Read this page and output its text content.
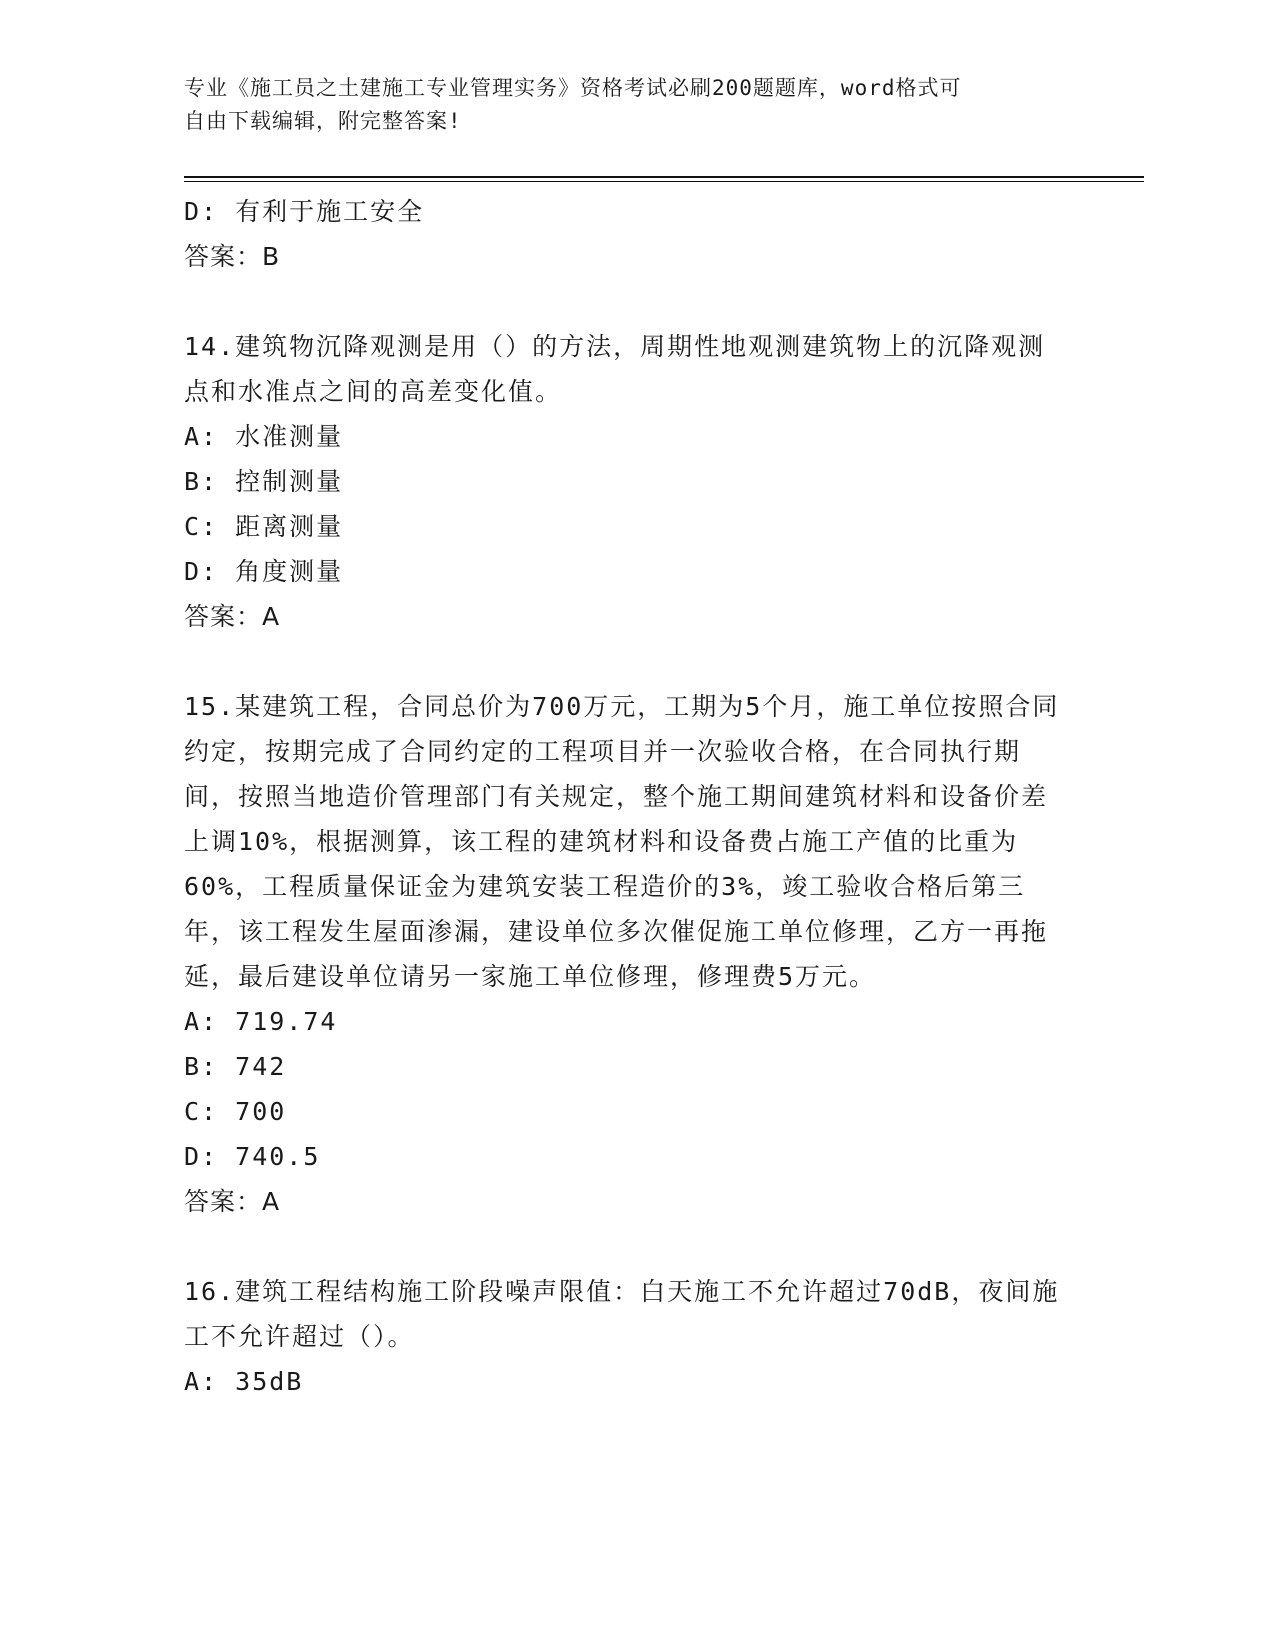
专业《施工员之土建施工专业管理实务》资格考试必刷200题题库，word格式可
自由下载编辑，附完整答案!
D: 有利于施工安全
答案：B
14.建筑物沉降观测是用（）的方法，周期性地观测建筑物上的沉降观测点和水准点之间的高差变化值。
A: 水准测量
B: 控制测量
C: 距离测量
D: 角度测量
答案：A
15.某建筑工程，合同总价为700万元，工期为5个月，施工单位按照合同约定，按期完成了合同约定的工程项目并一次验收合格，在合同执行期间，按照当地造价管理部门有关规定，整个施工期间建筑材料和设备价差上调10%，根据测算，该工程的建筑材料和设备费占施工产值的比重为60%，工程质量保证金为建筑安装工程造价的3%，竣工验收合格后第三年，该工程发生屋面渗漏，建设单位多次催促施工单位修理，乙方一再拖延，最后建设单位请另一家施工单位修理，修理费5万元。
A: 719.74
B: 742
C: 700
D: 740.5
答案：A
16.建筑工程结构施工阶段噪声限值：白天施工不允许超过70dB，夜间施工不允许超过（）。
A: 35dB
